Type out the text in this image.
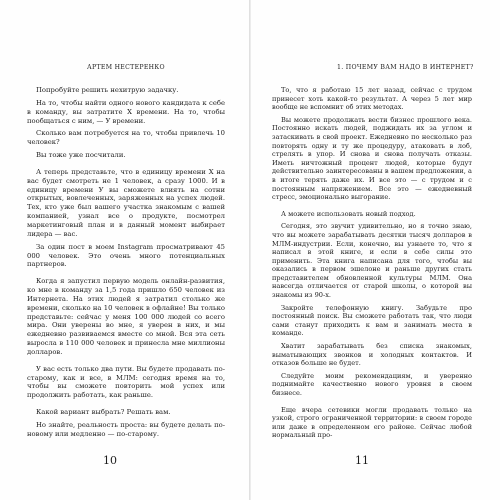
АРТЕМ НЕСТЕРЕНКО	1. ПОЧЕМУ ВАМ НАДО В ИНТЕРНЕТ?

Попробуйте решить нехитрую задачку.

На то, чтобы найти одного нового кандидата к себе в команду, вы затратите Х времени. На то, чтобы пообщаться с ним, — У времени.

Сколько вам потребуется на то, чтобы привлечь 10 человек?

Вы тоже уже посчитали.

А теперь представьте, что в единицу времени Х на вас будет смотреть не 1 человек, а сразу 1000. И в единицу времени У вы сможете влиять на сотни открытых, вовлеченных, заряженных на успех людей. Тех, кто уже был вашего участка знакомым с вашей компанией, узнал все о продукте, посмотрел маркетинговый план и в данный момент выбирает лидера — вас.

За один пост в моем Instagram просматривают 45 000 человек. Это очень много потенциальных партнеров.

Когда я запустил первую модель онлайн-развития, ко мне в команду за 1,5 года пришло 650 человек из Интернета. На этих людей я затратил столько же времени, сколько на 10 человек в офлайне! Вы только представьте: сейчас у меня 100 000 людей со всего мира. Они уверены во мне, я уверен в них, и мы ежедневно развиваемся вместе со мной. Вся эта сеть выросла в 110 000 человек и принесла мне миллионы долларов.

У вас есть только два пути. Вы будете продавать по-старому, как и все, в МЛМ: сегодня время на то, чтобы вы сможете повторить мой успех или продолжить работать, как раньше.

Какой вариант выбрать? Решать вам.

Но знайте, реальность проста: вы будете делать по-новому или медленно — по-старому.

То, что я работаю 15 лет назад, сейчас с трудом принесет хоть какой-то результат. А через 5 лет мир вообще не вспомнит об этих методах.

Вы можете продолжать вести бизнес прошлого века. Постоянно искать людей, поджидать их за углом и затаскивать в свой проект. Ежедневно по несколько раз повторять одну и ту же процедуру, атаковать в лоб, стрелять в упор. И снова и снова получать отказы. Иметь ничтожный процент людей, которые будут действительно заинтересованы в вашем предложении, а в итоге терять даже их. И все это — с трудом и с постоянным напряжением. Все это — ежедневный стресс, эмоционально выгорание.

А можете использовать новый подход.

Сегодня, это звучит удивительно, но я точно знаю, что вы можете зарабатывать десятки тысяч долларов в МЛМ-индустрии. Если, конечно, вы узнаете то, что я написал в этой книге, и если в себе силы это применить. Эта книга написана для того, чтобы вы оказались в первом эшелоне и раньше других стать представителем обновленной культуры МЛМ. Она навсегда отличается от старой школы, о которой вы знакомы из 90-х.

Закройте телефонную книгу. Забудьте про постоянный поиск. Вы сможете работать так, что люди сами станут приходить к вам и занимать места в команде.

Хватит зарабатывать без списка знакомых, выматывающих звонков и холодных контактов. И отказов больше не будет.

Следуйте моим рекомендациям, и уверенно поднимайте качественно нового уровня в своем бизнесе.

Еще вчера сетевики могли продавать только на узкой, строго ограниченной территории: в своем городе или даже в определенном его районе. Сейчас любой нормальный про-

10	11
